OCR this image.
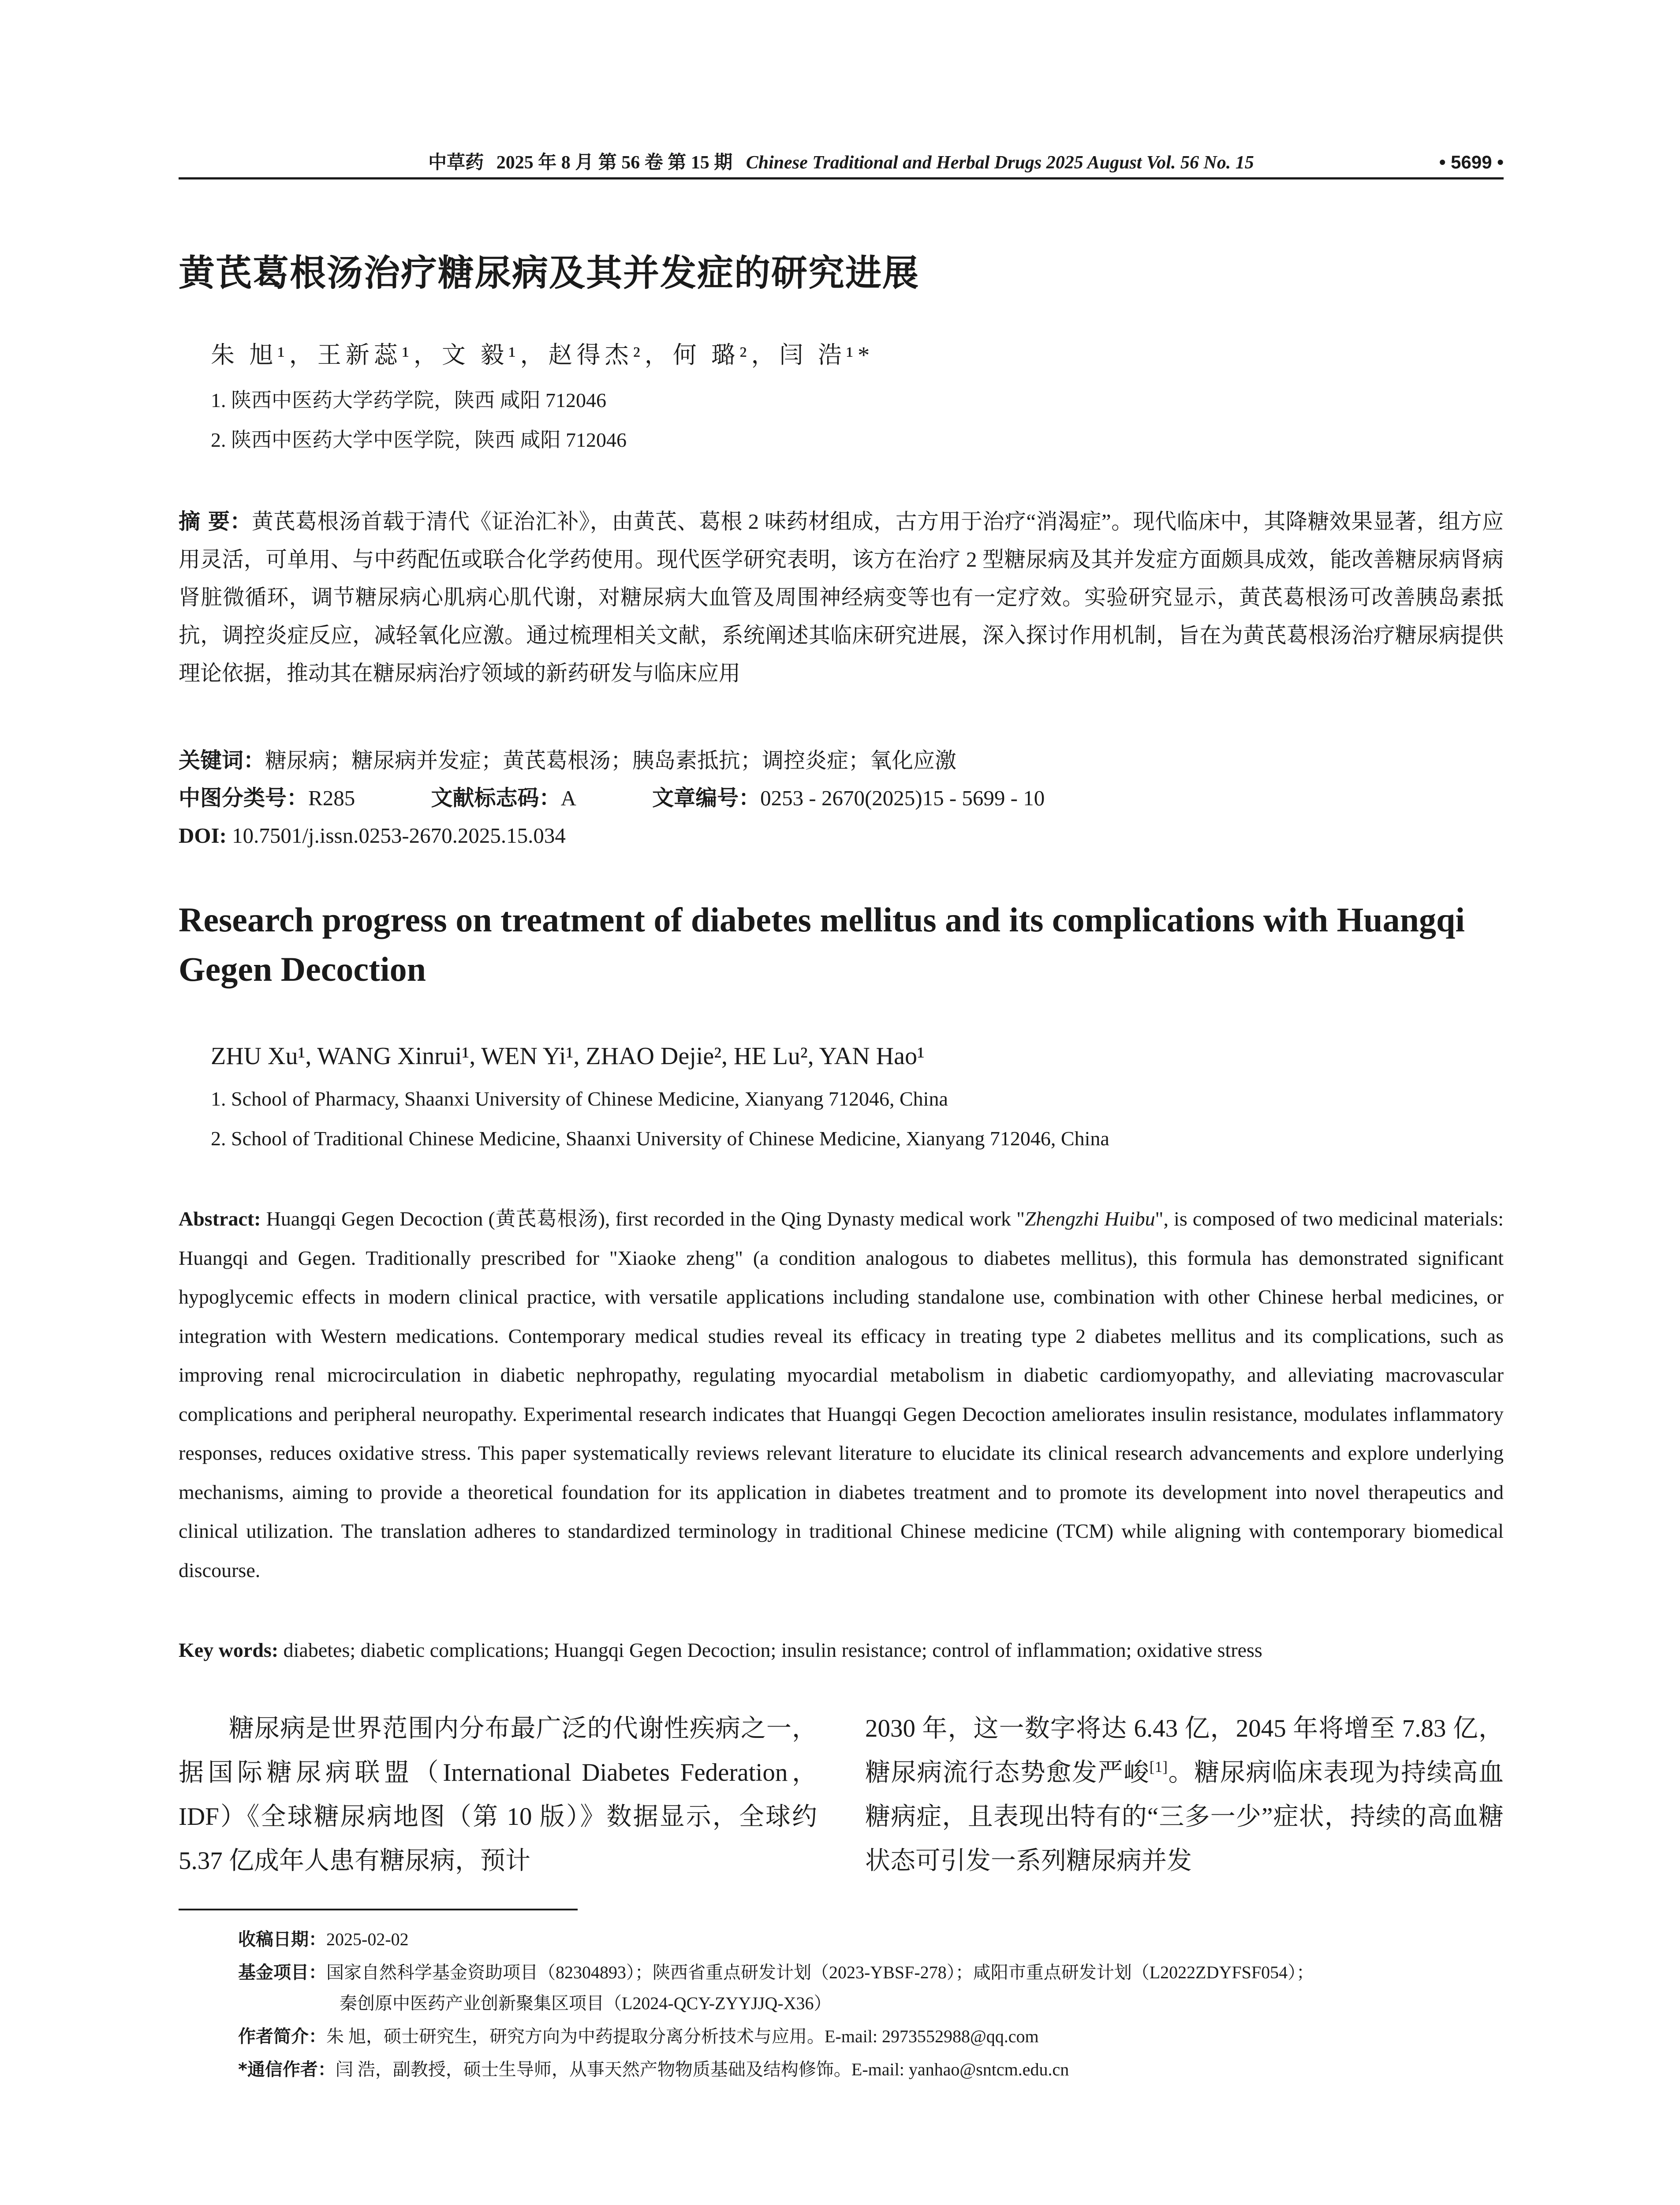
中草药 2025 年 8 月 第 56 卷 第 15 期 Chinese Traditional and Herbal Drugs 2025 August Vol. 56 No. 15	• 5699 •
黄芪葛根汤治疗糖尿病及其并发症的研究进展
朱 旭¹，王新蕊¹，文 毅¹，赵得杰²，何 璐²，闫 浩¹*
1. 陕西中医药大学药学院，陕西 咸阳 712046
2. 陕西中医药大学中医学院，陕西 咸阳 712046
摘 要：黄芪葛根汤首载于清代《证治汇补》，由黄芪、葛根 2 味药材组成，古方用于治疗“消渴症”。现代临床中，其降糖效果显著，组方应用灵活，可单用、与中药配伍或联合化学药使用。现代医学研究表明，该方在治疗 2 型糖尿病及其并发症方面颇具成效，能改善糖尿病肾病肾脏微循环，调节糖尿病心肌病心肌代谢，对糖尿病大血管及周围神经病变等也有一定疗效。实验研究显示，黄芪葛根汤可改善胰岛素抵抗，调控炎症反应，减轻氧化应激。通过梳理相关文献，系统阐述其临床研究进展，深入探讨作用机制，旨在为黄芪葛根汤治疗糖尿病提供理论依据，推动其在糖尿病治疗领域的新药研发与临床应用
关键词：糖尿病；糖尿病并发症；黄芪葛根汤；胰岛素抵抗；调控炎症；氧化应激
中图分类号：R285	文献标志码：A	文章编号：0253 - 2670(2025)15 - 5699 - 10
DOI: 10.7501/j.issn.0253-2670.2025.15.034
Research progress on treatment of diabetes mellitus and its complications with Huangqi Gegen Decoction
ZHU Xu¹, WANG Xinrui¹, WEN Yi¹, ZHAO Dejie², HE Lu², YAN Hao¹
1. School of Pharmacy, Shaanxi University of Chinese Medicine, Xianyang 712046, China
2. School of Traditional Chinese Medicine, Shaanxi University of Chinese Medicine, Xianyang 712046, China
Abstract: Huangqi Gegen Decoction (黄芪葛根汤), first recorded in the Qing Dynasty medical work "Zhengzhi Huibu", is composed of two medicinal materials: Huangqi and Gegen. Traditionally prescribed for "Xiaoke zheng" (a condition analogous to diabetes mellitus), this formula has demonstrated significant hypoglycemic effects in modern clinical practice, with versatile applications including standalone use, combination with other Chinese herbal medicines, or integration with Western medications. Contemporary medical studies reveal its efficacy in treating type 2 diabetes mellitus and its complications, such as improving renal microcirculation in diabetic nephropathy, regulating myocardial metabolism in diabetic cardiomyopathy, and alleviating macrovascular complications and peripheral neuropathy. Experimental research indicates that Huangqi Gegen Decoction ameliorates insulin resistance, modulates inflammatory responses, reduces oxidative stress. This paper systematically reviews relevant literature to elucidate its clinical research advancements and explore underlying mechanisms, aiming to provide a theoretical foundation for its application in diabetes treatment and to promote its development into novel therapeutics and clinical utilization. The translation adheres to standardized terminology in traditional Chinese medicine (TCM) while aligning with contemporary biomedical discourse.
Key words: diabetes; diabetic complications; Huangqi Gegen Decoction; insulin resistance; control of inflammation; oxidative stress
糖尿病是世界范围内分布最广泛的代谢性疾病之一，据国际糖尿病联盟（International Diabetes Federation，IDF）《全球糖尿病地图（第 10 版）》数据显示，全球约 5.37 亿成年人患有糖尿病，预计
2030 年，这一数字将达 6.43 亿，2045 年将增至 7.83 亿，糖尿病流行态势愈发严峻[1]。糖尿病临床表现为持续高血糖病症，且表现出特有的“三多一少”症状，持续的高血糖状态可引发一系列糖尿病并发
收稿日期：2025-02-02
基金项目：国家自然科学基金资助项目（82304893）；陕西省重点研发计划（2023-YBSF-278）；咸阳市重点研发计划（L2022ZDYFSF054）；
秦创原中医药产业创新聚集区项目（L2024-QCY-ZYYJJQ-X36）
作者简介：朱 旭，硕士研究生，研究方向为中药提取分离分析技术与应用。E-mail: 2973552988@qq.com
*通信作者：闫 浩，副教授，硕士生导师，从事天然产物物质基础及结构修饰。E-mail: yanhao@sntcm.edu.cn
